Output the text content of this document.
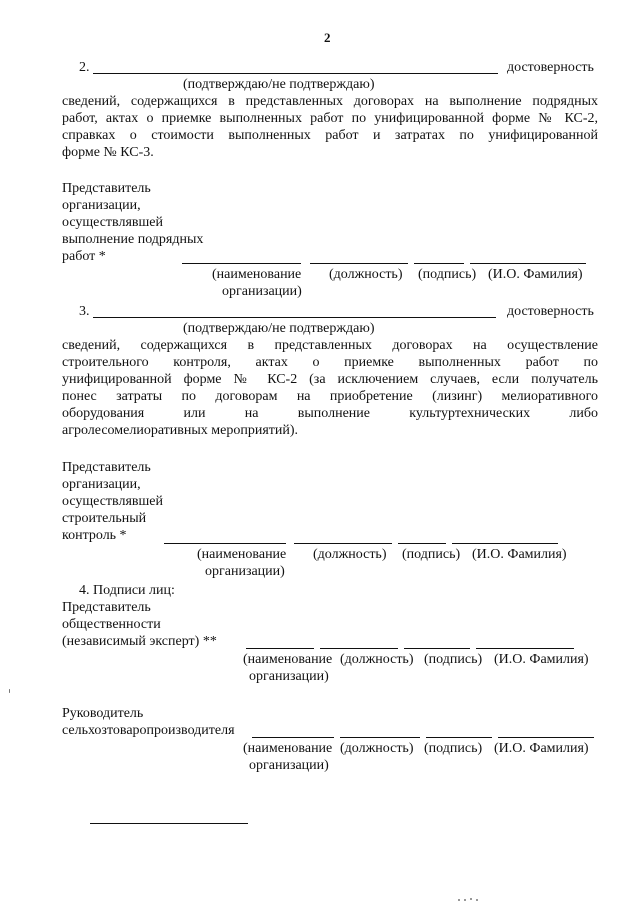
2
2.	достоверность
(подтверждаю/не подтверждаю)
сведений, содержащихся в представленных договорах на выполнение подрядных
работ, актах о приемке выполненных работ по унифицированной форме № КС-2,
справках о стоимости выполненных работ и затратах по унифицированной
форме № КС-3.
Представитель
организации,
осуществлявшей
выполнение подрядных
работ *
(наименование
организации)
(должность) (подпись) (И.О. Фамилия)
3.	достоверность
(подтверждаю/не подтверждаю)
сведений, содержащихся в представленных договорах на осуществление
строительного контроля, актах о приемке выполненных работ по
унифицированной форме № КС-2 (за исключением случаев, если получатель
понес затраты по договорам на приобретение (лизинг) мелиоративного
оборудования или на выполнение культуртехнических либо
агролесомелиоративных мероприятий).
Представитель
организации,
осуществлявшей
строительный
контроль *
(наименование
организации)
(должность) (подпись) (И.О. Фамилия)
4. Подписи лиц:
Представитель
общественности
(независимый эксперт) **
(наименование
организации)
(должность) (подпись) (И.О. Фамилия)
Руководитель
сельхозтоваропроизводителя
(наименование
организации)
(должность) (подпись) (И.О. Фамилия)
